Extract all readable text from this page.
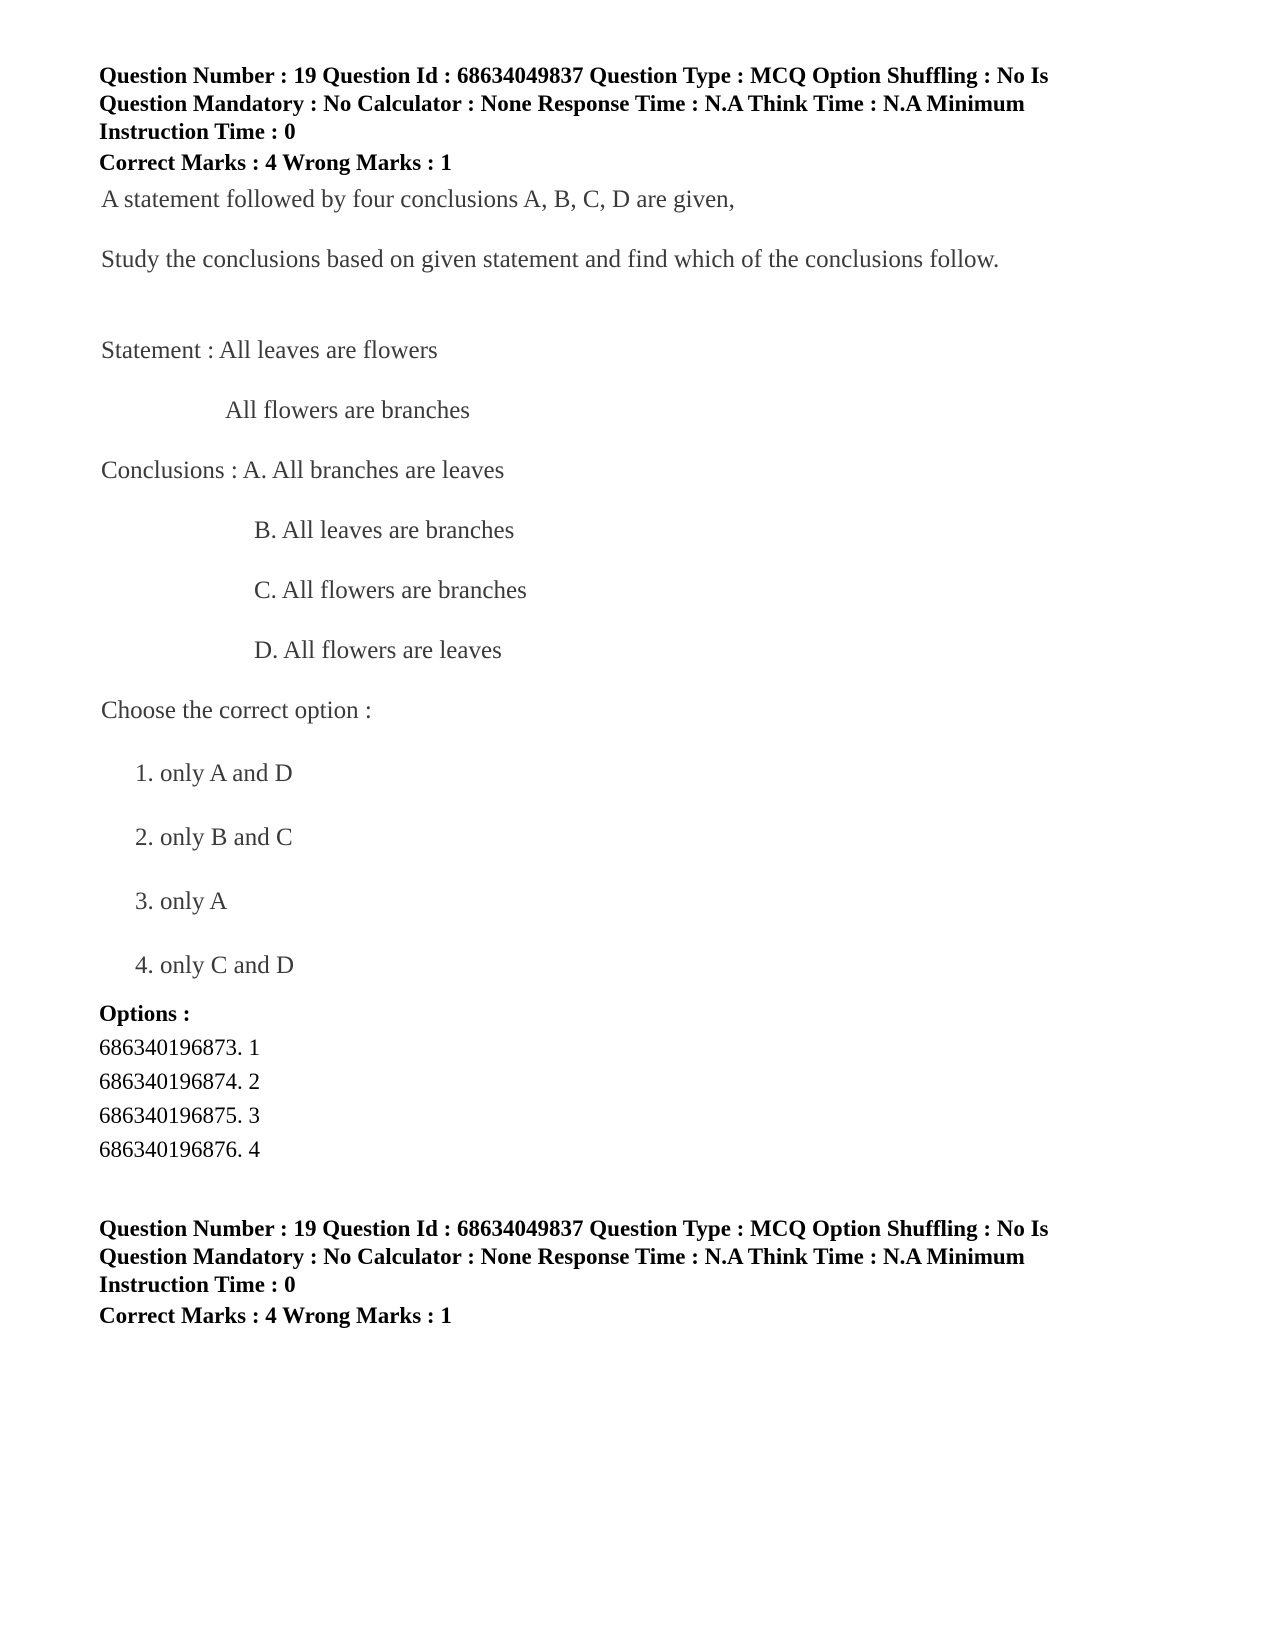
Question Number : 19 Question Id : 68634049837 Question Type : MCQ Option Shuffling : No Is

Question Mandatory : No Calculator : None Response Time : N.A Think Time : N.A Minimum

Instruction Time : 0

Correct Marks : 4 Wrong Marks : 1

A statement followed by four conclusions A, B, C, D are given,

Study the conclusions based on given statement and find which of the conclusions follow.

Statement : All leaves are flowers

All flowers are branches

Conclusions : A. All branches are leaves

B. All leaves are branches

C. All flowers are branches

D. All flowers are leaves

Choose the correct option :

1. only A and D

2. only B and C

3. only A

4. only C and D

Options :

686340196873. 1

686340196874. 2

686340196875. 3

686340196876. 4

Question Number : 19 Question Id : 68634049837 Question Type : MCQ Option Shuffling : No Is

Question Mandatory : No Calculator : None Response Time : N.A Think Time : N.A Minimum

Instruction Time : 0

Correct Marks : 4 Wrong Marks : 1
